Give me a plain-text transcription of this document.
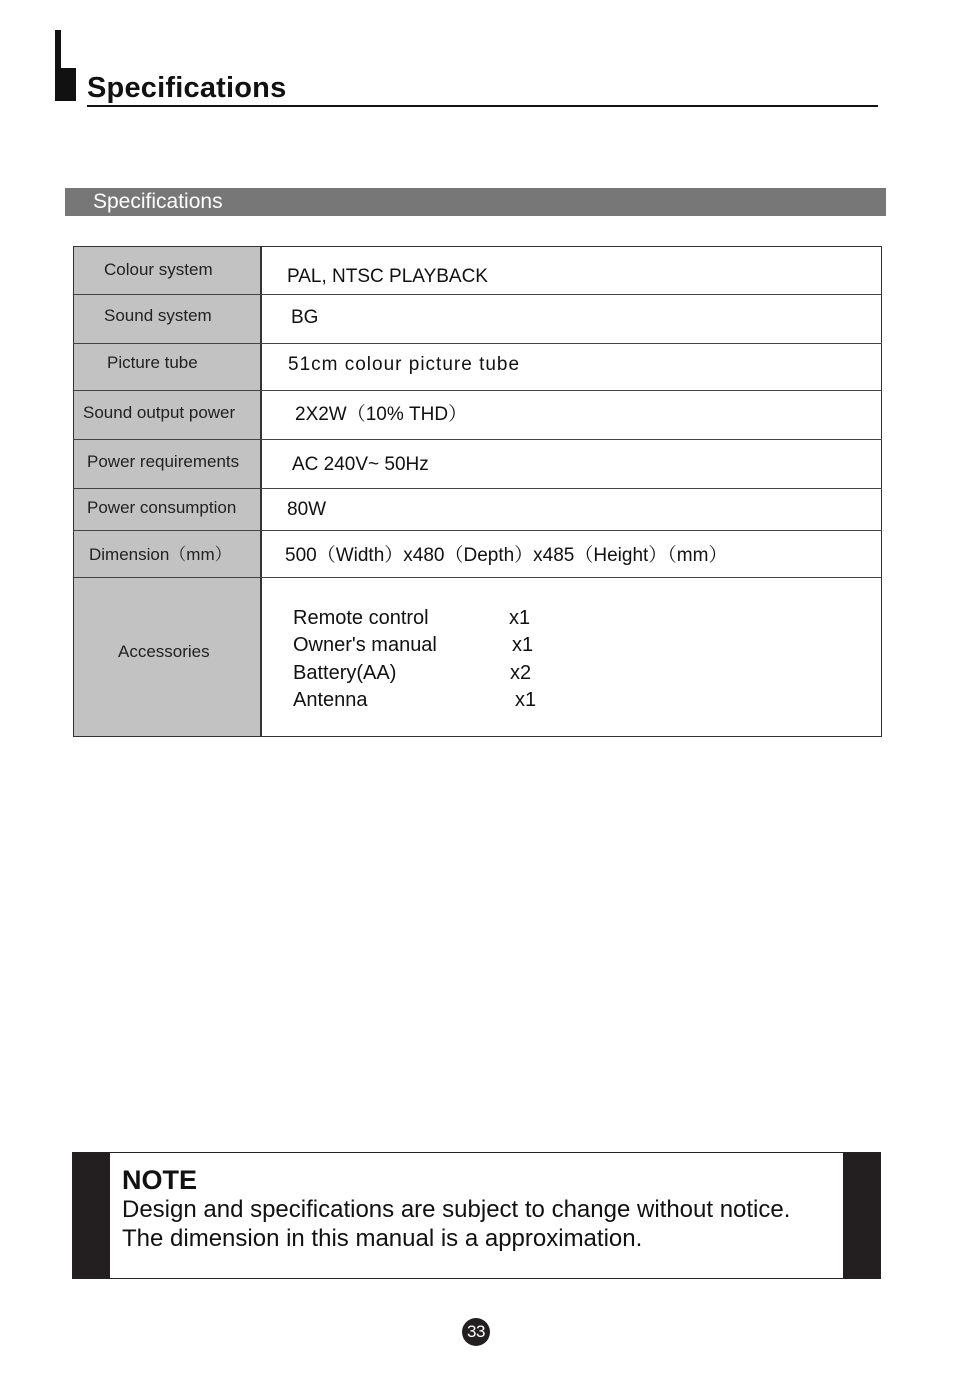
Specifications
Specifications
Colour system	PAL, NTSC PLAYBACK
Sound system	BG
Picture tube	51cm colour picture tube
Sound output power	2X2W（10% THD）
Power requirements	AC 240V~ 50Hz
Power consumption	80W
Dimension（mm）	500（Width）x480（Depth）x485（Height）（mm）
Accessories
Remote control	x1
Owner's manual	x1
Battery(AA)	x2
Antenna	x1
NOTE
Design and specifications are subject to change without notice.
The dimension in this manual is a approximation.
33
